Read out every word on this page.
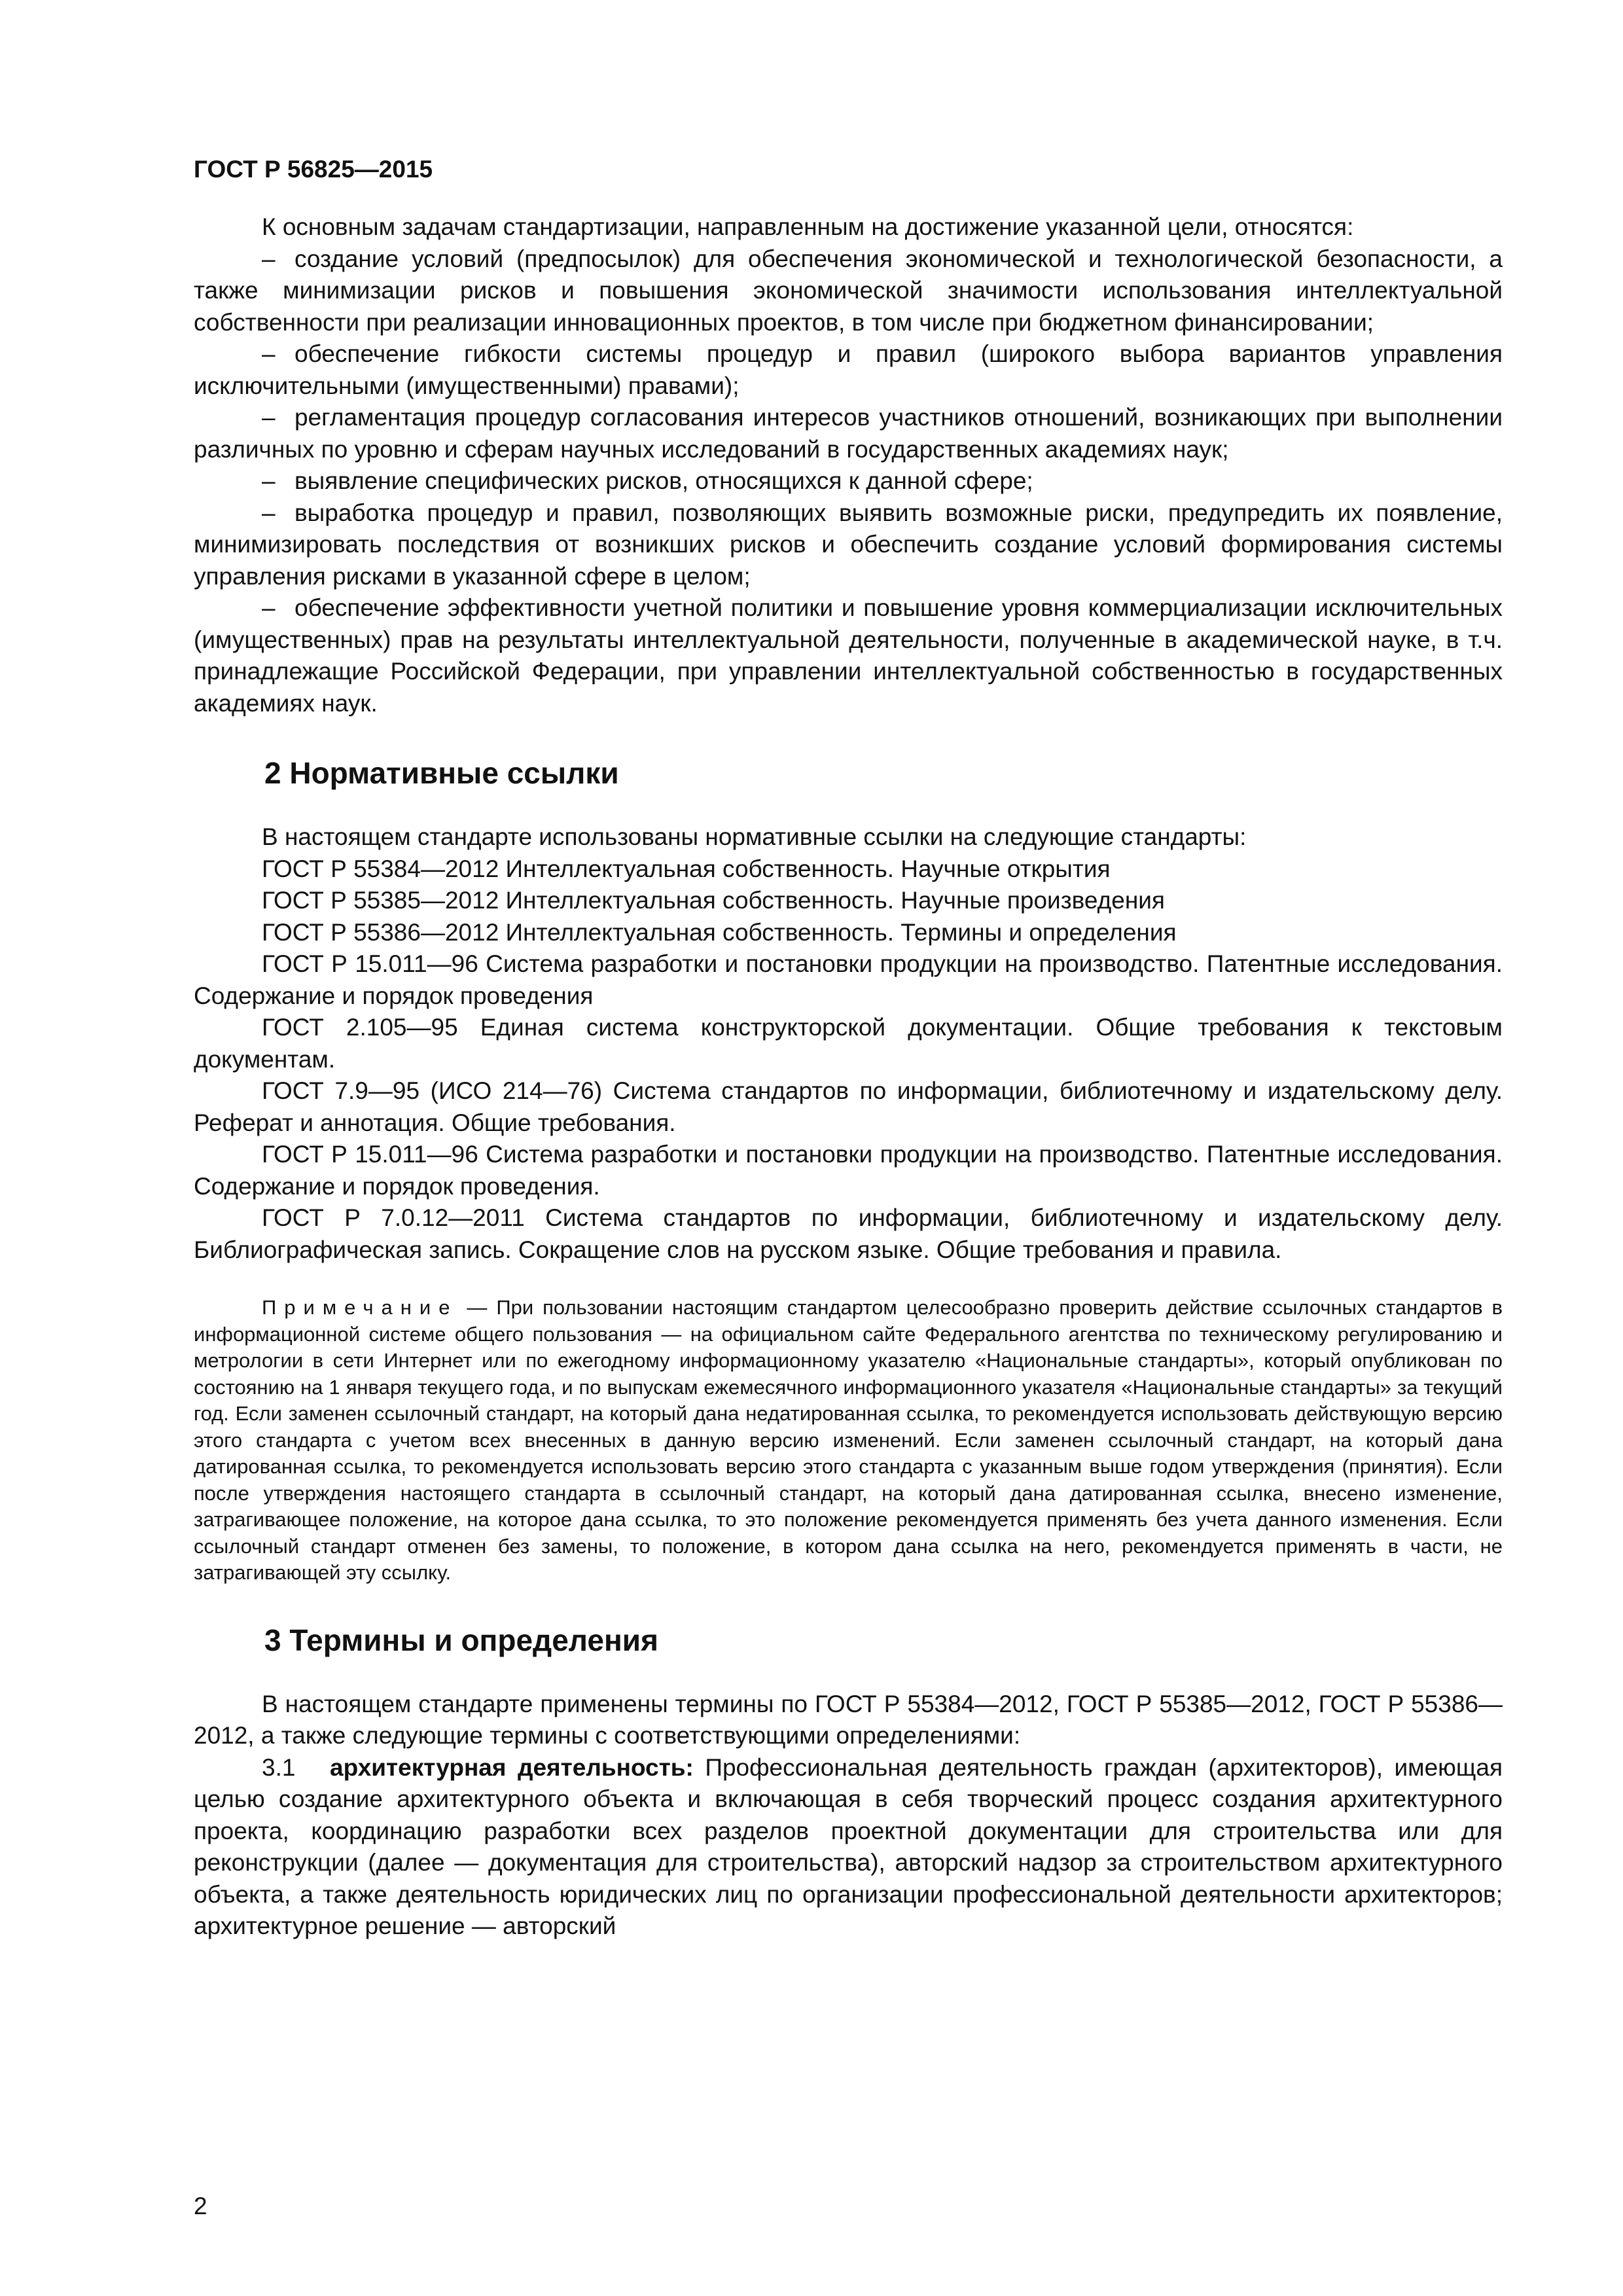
ГОСТ Р 56825—2015

К основным задачам стандартизации, направленным на достижение указанной цели, относятся:

– создание условий (предпосылок) для обеспечения экономической и технологической безопасности, а также минимизации рисков и повышения экономической значимости использования интеллектуальной собственности при реализации инновационных проектов, в том числе при бюджетном финансировании;

– обеспечение гибкости системы процедур и правил (широкого выбора вариантов управления исключительными (имущественными) правами);

– регламентация процедур согласования интересов участников отношений, возникающих при выполнении различных по уровню и сферам научных исследований в государственных академиях наук;

– выявление специфических рисков, относящихся к данной сфере;

– выработка процедур и правил, позволяющих выявить возможные риски, предупредить их появление, минимизировать последствия от возникших рисков и обеспечить создание условий формирования системы управления рисками в указанной сфере в целом;

– обеспечение эффективности учетной политики и повышение уровня коммерциализации исключительных (имущественных) прав на результаты интеллектуальной деятельности, полученные в академической науке, в т.ч. принадлежащие Российской Федерации, при управлении интеллектуальной собственностью в государственных академиях наук.

2 Нормативные ссылки

В настоящем стандарте использованы нормативные ссылки на следующие стандарты:

ГОСТ Р 55384—2012 Интеллектуальная собственность. Научные открытия

ГОСТ Р 55385—2012 Интеллектуальная собственность. Научные произведения

ГОСТ Р 55386—2012 Интеллектуальная собственность. Термины и определения

ГОСТ Р 15.011—96 Система разработки и постановки продукции на производство. Патентные исследования. Содержание и порядок проведения

ГОСТ 2.105—95 Единая система конструкторской документации. Общие требования к текстовым документам.

ГОСТ 7.9—95 (ИСО 214—76) Система стандартов по информации, библиотечному и издательскому делу. Реферат и аннотация. Общие требования.

ГОСТ Р 15.011—96 Система разработки и постановки продукции на производство. Патентные исследования. Содержание и порядок проведения.

ГОСТ Р 7.0.12—2011 Система стандартов по информации, библиотечному и издательскому делу. Библиографическая запись. Сокращение слов на русском языке. Общие требования и правила.

Примечание — При пользовании настоящим стандартом целесообразно проверить действие ссылочных стандартов в информационной системе общего пользования — на официальном сайте Федерального агентства по техническому регулированию и метрологии в сети Интернет или по ежегодному информационному указателю «Национальные стандарты», который опубликован по состоянию на 1 января текущего года, и по выпускам ежемесячного информационного указателя «Национальные стандарты» за текущий год. Если заменен ссылочный стандарт, на который дана недатированная ссылка, то рекомендуется использовать действующую версию этого стандарта с учетом всех внесенных в данную версию изменений. Если заменен ссылочный стандарт, на который дана датированная ссылка, то рекомендуется использовать версию этого стандарта с указанным выше годом утверждения (принятия). Если после утверждения настоящего стандарта в ссылочный стандарт, на который дана датированная ссылка, внесено изменение, затрагивающее положение, на которое дана ссылка, то это положение рекомендуется применять без учета данного изменения. Если ссылочный стандарт отменен без замены, то положение, в котором дана ссылка на него, рекомендуется применять в части, не затрагивающей эту ссылку.

3 Термины и определения

В настоящем стандарте применены термины по ГОСТ Р 55384—2012, ГОСТ Р 55385—2012, ГОСТ Р 55386—2012, а также следующие термины с соответствующими определениями:

3.1 архитектурная деятельность: Профессиональная деятельность граждан (архитекторов), имеющая целью создание архитектурного объекта и включающая в себя творческий процесс создания архитектурного проекта, координацию разработки всех разделов проектной документации для строительства или для реконструкции (далее — документация для строительства), авторский надзор за строительством архитектурного объекта, а также деятельность юридических лиц по организации профессиональной деятельности архитекторов; архитектурное решение — авторский

2
